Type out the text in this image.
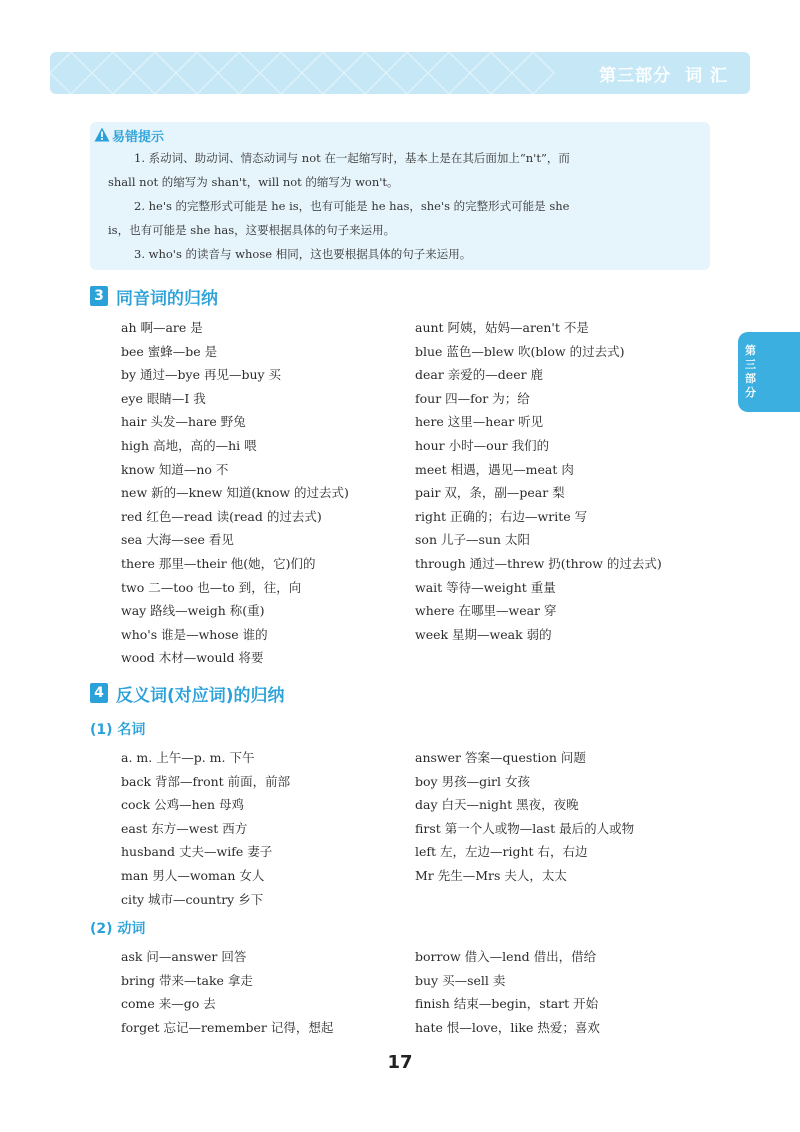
第三部分 词 汇
第三部分
易错提示
1. 系动词、助动词、情态动词与 not 在一起缩写时，基本上是在其后面加上“n't”，而
shall not 的缩写为 shan't，will not 的缩写为 won't。
2. he's 的完整形式可能是 he is，也有可能是 he has，she's 的完整形式可能是 she
is，也有可能是 she has，这要根据具体的句子来运用。
3. who's 的读音与 whose 相同，这也要根据具体的句子来运用。
3 同音词的归纳
ah 啊—are 是
bee 蜜蜂—be 是
by 通过—bye 再见—buy 买
eye 眼睛—I 我
hair 头发—hare 野兔
high 高地，高的—hi 喂
know 知道—no 不
new 新的—knew 知道(know 的过去式)
red 红色—read 读(read 的过去式)
sea 大海—see 看见
there 那里—their 他(她，它)们的
two 二—too 也—to 到，往，向
way 路线—weigh 称(重)
who's 谁是—whose 谁的
wood 木材—would 将要
aunt 阿姨，姑妈—aren't 不是
blue 蓝色—blew 吹(blow 的过去式)
dear 亲爱的—deer 鹿
four 四—for 为；给
here 这里—hear 听见
hour 小时—our 我们的
meet 相遇，遇见—meat 肉
pair 双，条，副—pear 梨
right 正确的；右边—write 写
son 儿子—sun 太阳
through 通过—threw 扔(throw 的过去式)
wait 等待—weight 重量
where 在哪里—wear 穿
week 星期—weak 弱的
4 反义词(对应词)的归纳
(1) 名词
a. m. 上午—p. m. 下午
back 背部—front 前面，前部
cock 公鸡—hen 母鸡
east 东方—west 西方
husband 丈夫—wife 妻子
man 男人—woman 女人
city 城市—country 乡下
answer 答案—question 问题
boy 男孩—girl 女孩
day 白天—night 黑夜，夜晚
first 第一个人或物—last 最后的人或物
left 左，左边—right 右，右边
Mr 先生—Mrs 夫人，太太
(2) 动词
ask 问—answer 回答
bring 带来—take 拿走
come 来—go 去
forget 忘记—remember 记得，想起
borrow 借入—lend 借出，借给
buy 买—sell 卖
finish 结束—begin，start 开始
hate 恨—love，like 热爱；喜欢
17
